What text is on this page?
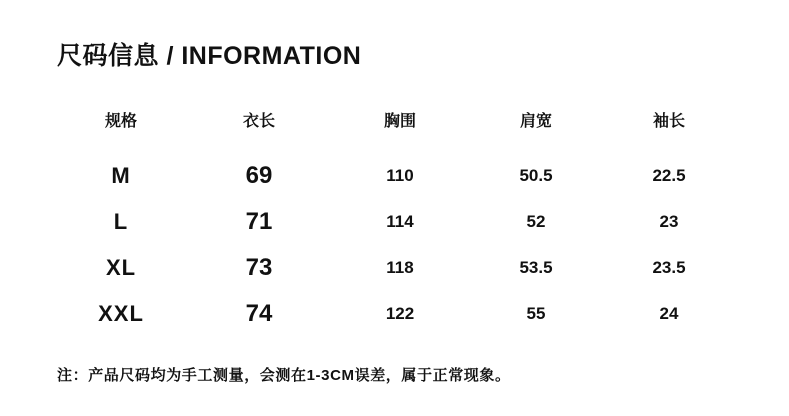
尺码信息 / INFORMATION
规格	衣长	胸围	肩宽	袖长
M	69	110	50.5	22.5
L	71	114	52	23
XL	73	118	53.5	23.5
XXL	74	122	55	24
注：产品尺码均为手工测量，会测在1-3CM误差，属于正常现象。
